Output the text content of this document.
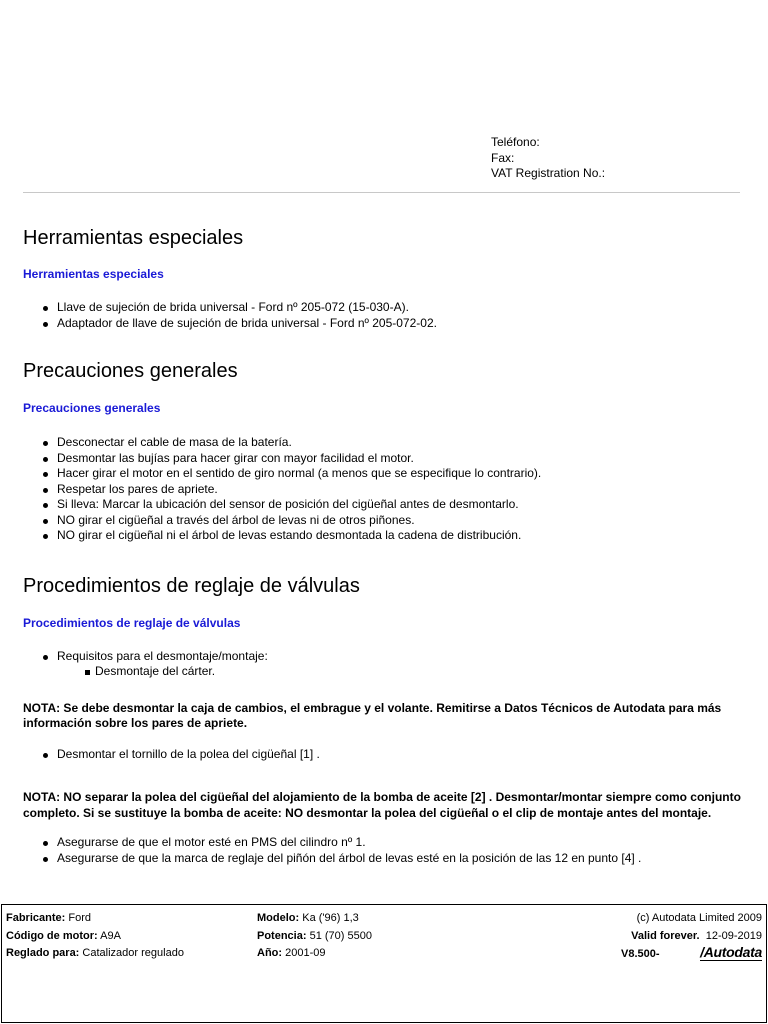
Teléfono:
Fax:
VAT Registration No.:
Herramientas especiales
Herramientas especiales
Llave de sujeción de brida universal - Ford nº 205-072 (15-030-A).
Adaptador de llave de sujeción de brida universal - Ford nº 205-072-02.
Precauciones generales
Precauciones generales
Desconectar el cable de masa de la batería.
Desmontar las bujías para hacer girar con mayor facilidad el motor.
Hacer girar el motor en el sentido de giro normal (a menos que se especifique lo contrario).
Respetar los pares de apriete.
Si lleva: Marcar la ubicación del sensor de posición del cigüeñal antes de desmontarlo.
NO girar el cigüeñal a través del árbol de levas ni de otros piñones.
NO girar el cigüeñal ni el árbol de levas estando desmontada la cadena de distribución.
Procedimientos de reglaje de válvulas
Procedimientos de reglaje de válvulas
Requisitos para el desmontaje/montaje:
Desmontaje del cárter.
NOTA: Se debe desmontar la caja de cambios, el embrague y el volante. Remitirse a Datos Técnicos de Autodata para más información sobre los pares de apriete.
Desmontar el tornillo de la polea del cigüeñal [1] .
NOTA: NO separar la polea del cigüeñal del alojamiento de la bomba de aceite [2] . Desmontar/montar siempre como conjunto completo. Si se sustituye la bomba de aceite: NO desmontar la polea del cigüeñal o el clip de montaje antes del montaje.
Asegurarse de que el motor esté en PMS del cilindro nº 1.
Asegurarse de que la marca de reglaje del piñón del árbol de levas esté en la posición de las 12 en punto [4] .
Fabricante: Ford
Código de motor: A9A
Reglado para: Catalizador regulado
Modelo: Ka ('96) 1,3
Potencia: 51 (70) 5500
Año: 2001-09
(c) Autodata Limited 2009
Valid forever. 12-09-2019
V8.500-	/Autodata
